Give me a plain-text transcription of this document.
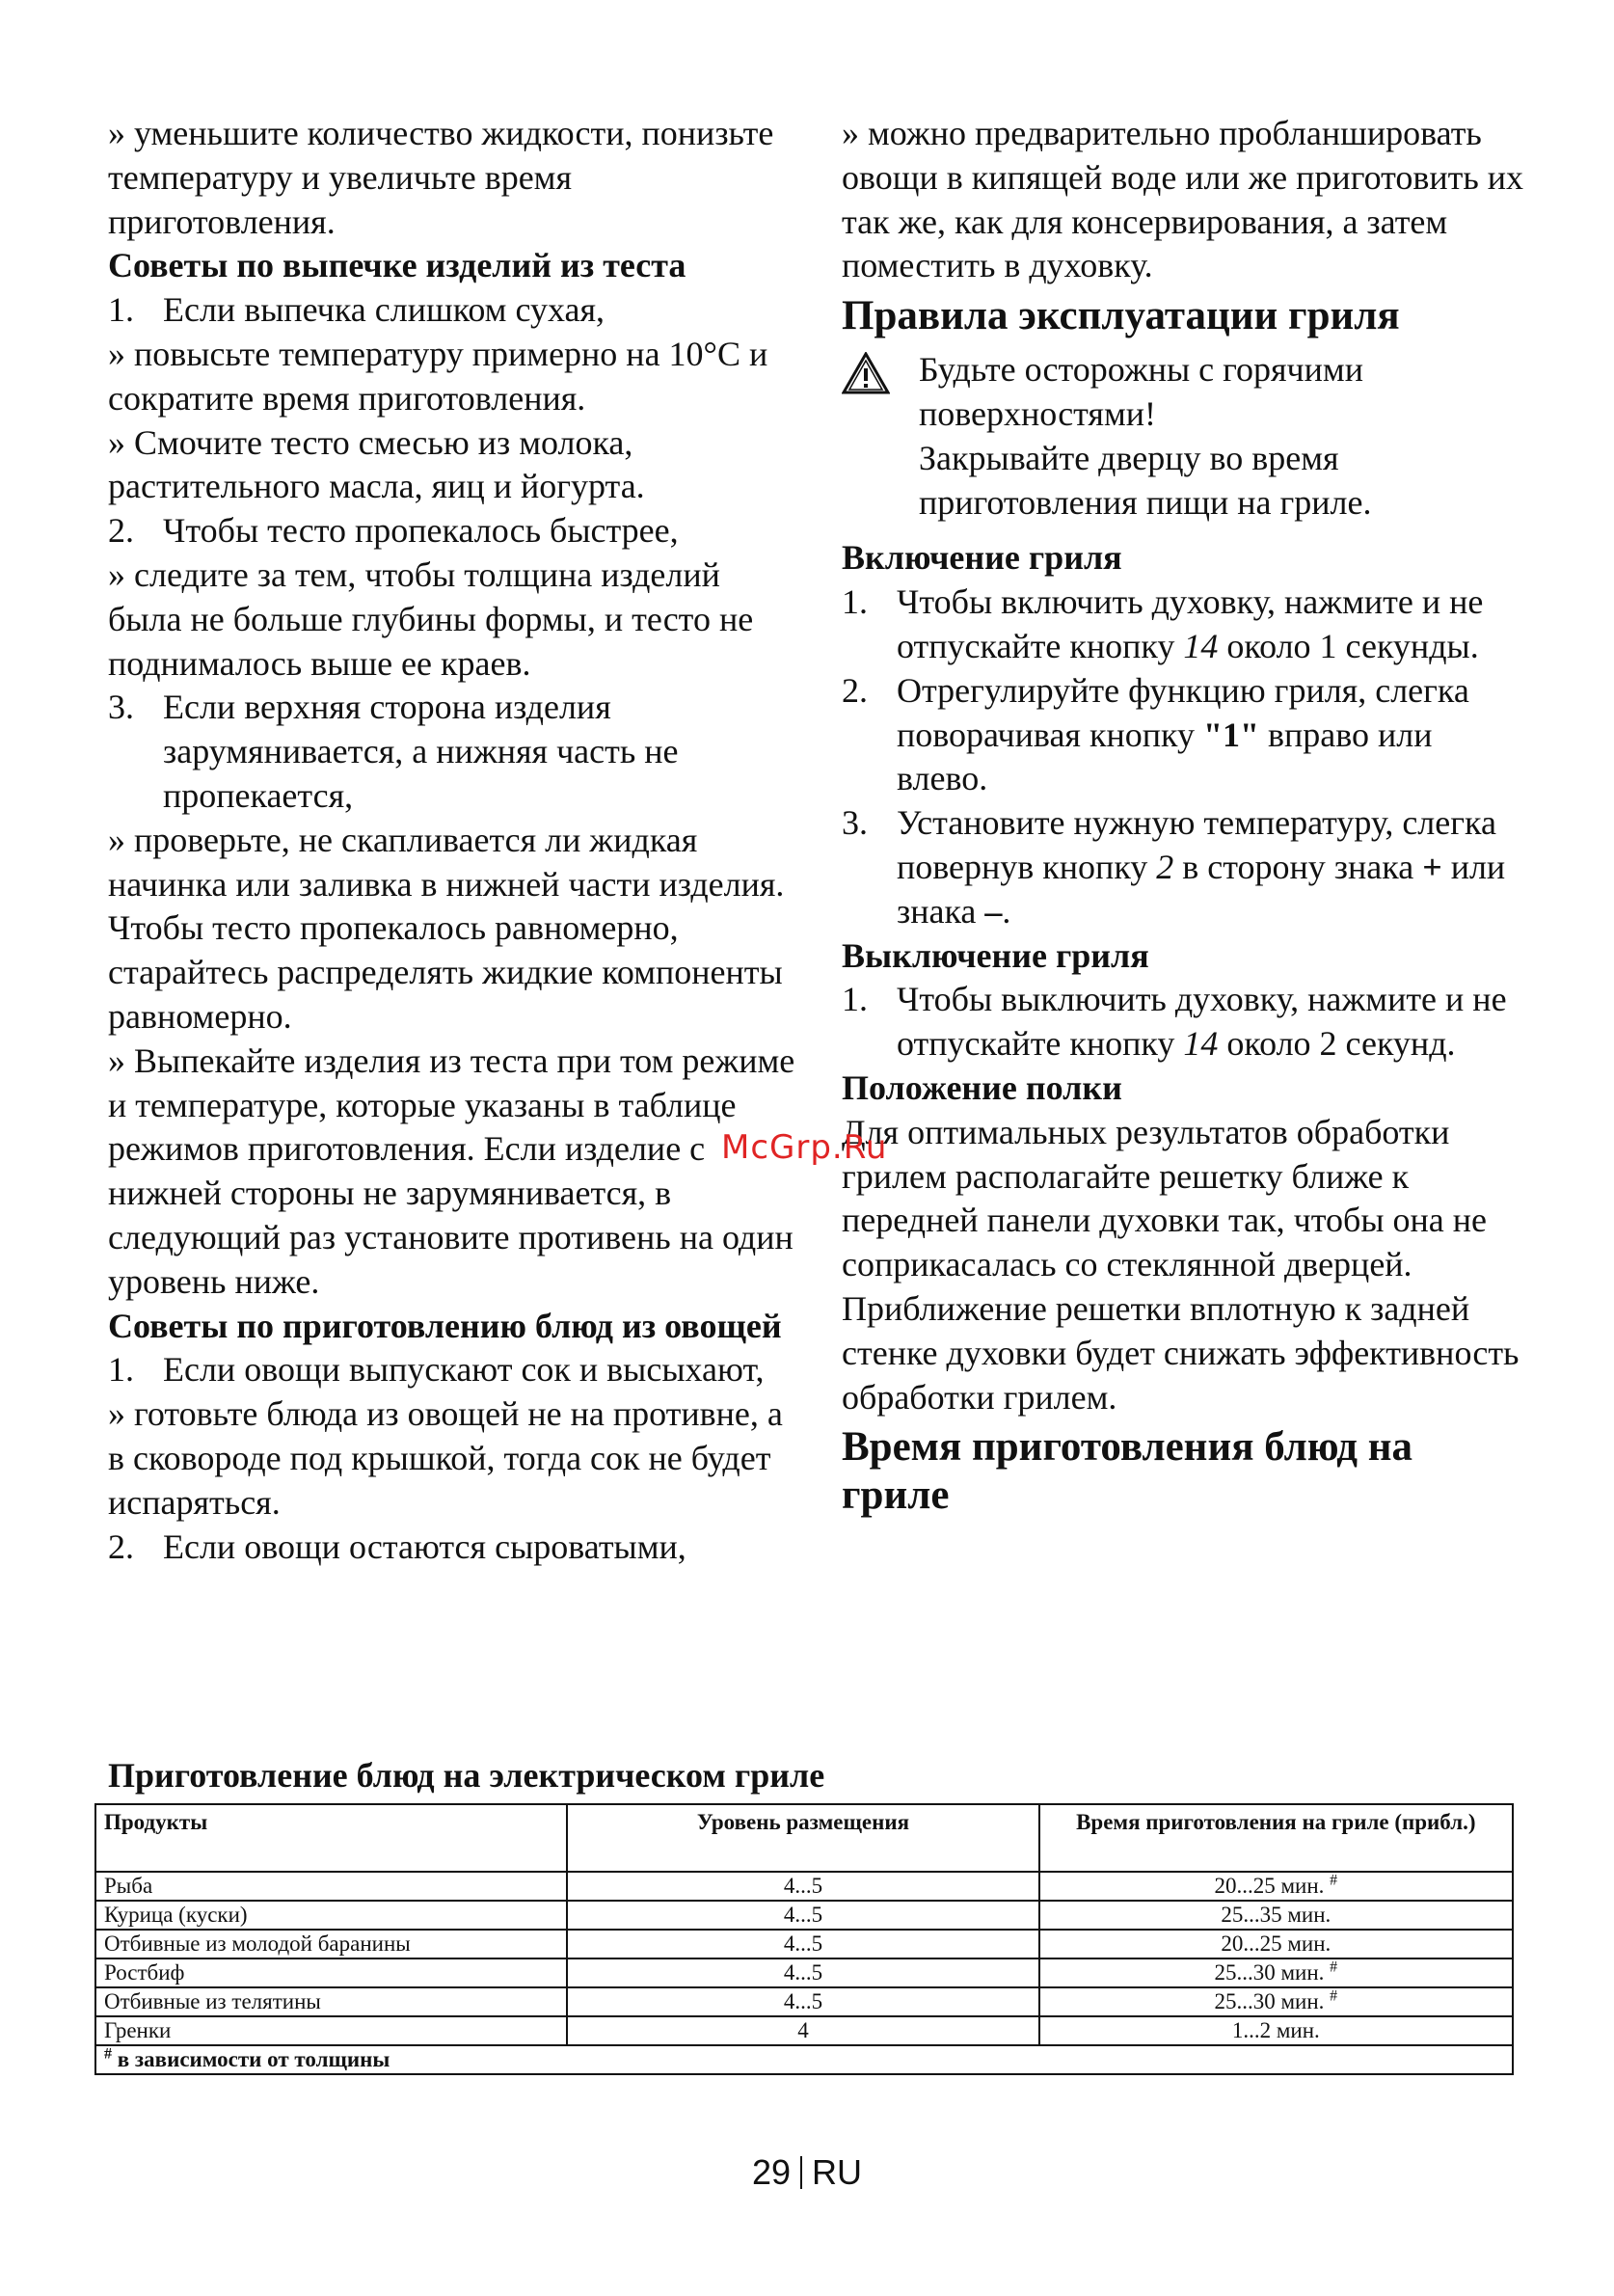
» уменьшите количество жидкости, понизьте температуру и увеличьте время приготовления.

Советы по выпечке изделий из теста

1. Если выпечка слишком сухая,

» повысьте температуру примерно на 10°C и сократите время приготовления.

» Смочите тесто смесью из молока, растительного масла, яиц и йогурта.

2. Чтобы тесто пропекалось быстрее,

» следите за тем, чтобы толщина изделий была не больше глубины формы, и тесто не поднималось выше ее краев.

3. Если верхняя сторона изделия зарумянивается, а нижняя часть не пропекается,

» проверьте, не скапливается ли жидкая начинка или заливка в нижней части изделия. Чтобы тесто пропекалось равномерно, старайтесь распределять жидкие компоненты равномерно.

» Выпекайте изделия из теста при том режиме и температуре, которые указаны в таблице режимов приготовления. Если изделие с нижней стороны не зарумянивается, в следующий раз установите противень на один уровень ниже.

Советы по приготовлению блюд из овощей

1. Если овощи выпускают сок и высыхают,

» готовьте блюда из овощей не на противне, а в сковороде под крышкой, тогда сок не будет испаряться.

2. Если овощи остаются сыроватыми,

» можно предварительно пробланшировать овощи в кипящей воде или же приготовить их так же, как для консервирования, а затем поместить в духовку.

Правила эксплуатации гриля

Будьте осторожны с горячими поверхностями!

Закрывайте дверцу во время приготовления пищи на гриле.

Включение гриля

1. Чтобы включить духовку, нажмите и не отпускайте кнопку 14 около 1 секунды.
2. Отрегулируйте функцию гриля, слегка поворачивая кнопку "1" вправо или влево.
3. Установите нужную температуру, слегка повернув кнопку 2 в сторону знака + или знака –.

Выключение гриля

1. Чтобы выключить духовку, нажмите и не отпускайте кнопку 14 около 2 секунд.

Положение полки

Для оптимальных результатов обработки грилем располагайте решетку ближе к передней панели духовки так, чтобы она не соприкасалась со стеклянной дверцей. Приближение решетки вплотную к задней стенке духовки будет снижать эффективность обработки грилем.

Время приготовления блюд на гриле

McGrp.Ru
Приготовление блюд на электрическом гриле
Продукты	Уровень размещения	Время приготовления на гриле (прибл.)
Рыба	4...5	20...25 мин. #
Курица (куски)	4...5	25...35 мин.
Отбивные из молодой баранины	4...5	20...25 мин.
Ростбиф	4...5	25...30 мин. #
Отбивные из телятины	4...5	25...30 мин. #
Гренки	4	1...2 мин.
# в зависимости от толщины		
29 RU
